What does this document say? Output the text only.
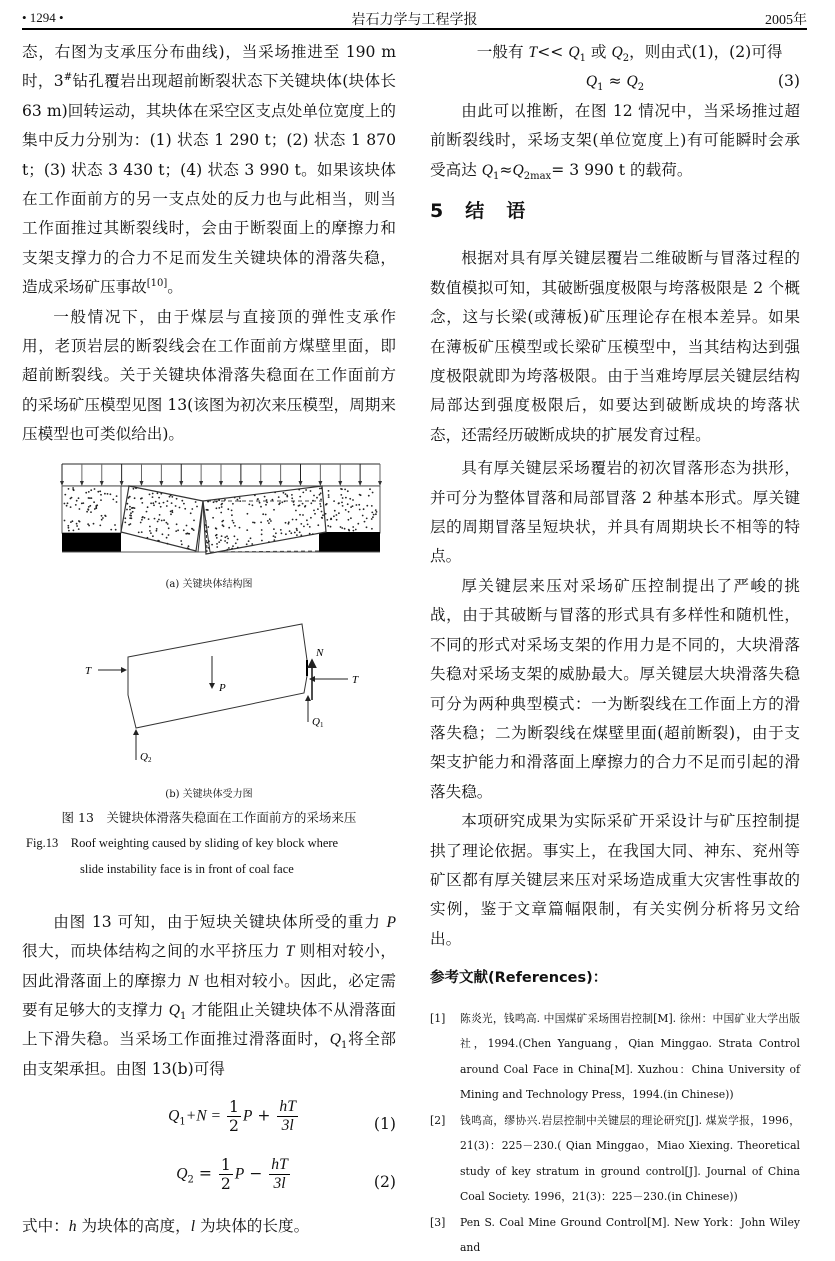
• 1294 •	岩石力学与工程学报	2005年

态，右图为支承压分布曲线)，当采场推进至 190 m 时，3#钻孔覆岩出现超前断裂状态下关键块体(块体长 63 m)回转运动，其块体在采空区支点处单位宽度上的集中反力分别为：(1) 状态 1 290 t；(2) 状态 1 870 t；(3) 状态 3 430 t；(4) 状态 3 990 t。如果该块体在工作面前方的另一支点处的反力也与此相当，则当工作面推过其断裂线时，会由于断裂面上的摩擦力和支架支撑力的合力不足而发生关键块体的滑落失稳，造成采场矿压事故[10]。

一般情况下，由于煤层与直接顶的弹性支承作用，老顶岩层的断裂线会在工作面前方煤壁里面，即超前断裂线。关于关键块体滑落失稳面在工作面前方的采场矿压模型见图 13(该图为初次来压模型，周期来压模型也可类似给出)。

(a) 关键块体结构图
T
T
N
P
Q1
Q2
(b) 关键块体受力图
图 13　关键块体滑落失稳面在工作面前方的采场来压
Fig.13　Roof weighting caused by sliding of key block where
slide instability face is in front of coal face

由图 13 可知，由于短块关键块体所受的重力 P 很大，而块体结构之间的水平挤压力 T 则相对较小，因此滑落面上的摩擦力 N 也相对较小。因此，必定需要有足够大的支撑力 $Q_1$ 才能阻止关键块体不从滑落面上下滑失稳。当采场工作面推过滑落面时，$Q_1$将全部由支架承担。由图 13(b)可得

$Q_1+N = \frac{1}{2}$ $P + \frac{hT}{3l}$	(1)
$Q_2 = \frac{1}{2}$ $P - \frac{hT}{3l}$	(2)

式中：h 为块体的高度，l 为块体的长度。

一般有 $T<< Q_1$ 或 $Q_2$，则由式(1)，(2)可得

$Q_1 \approx Q_2$	(3)

由此可以推断，在图 12 情况中，当采场推过超前断裂线时，采场支架(单位宽度上)有可能瞬时会承受高达 $Q_1\approx Q_{2max}= 3$ 990 t 的载荷。

5 结 语

根据对具有厚关键层覆岩二维破断与冒落过程的数值模拟可知，其破断强度极限与垮落极限是 2 个概念，这与长梁(或薄板)矿压理论存在根本差异。如果在薄板矿压模型或长梁矿压模型中，当其结构达到强度极限就即为垮落极限。由于当难垮厚层关键层结构局部达到强度极限后，如要达到破断成块的垮落状态，还需经历破断成块的扩展发育过程。

具有厚关键层采场覆岩的初次冒落形态为拱形，并可分为整体冒落和局部冒落 2 种基本形式。厚关键层的周期冒落呈短块状，并具有周期块长不相等的特点。

厚关键层来压对采场矿压控制提出了严峻的挑战，由于其破断与冒落的形式具有多样性和随机性，不同的形式对采场支架的作用力是不同的，大块滑落失稳对采场支架的威胁最大。厚关键层大块滑落失稳可分为两种典型模式：一为断裂线在工作面上方的滑落失稳；二为断裂线在煤壁里面(超前断裂)，由于支架支护能力和滑落面上摩擦力的合力不足而引起的滑落失稳。

本项研究成果为实际采矿开采设计与矿压控制提拱了理论依据。事实上，在我国大同、神东、兖州等矿区都有厚关键层来压对采场造成重大灾害性事故的实例，鉴于文章篇幅限制，有关实例分析将另文给出。

参考文献(References)：
[1] 陈炎光，钱鸣高. 中国煤矿采场围岩控制[M]. 徐州：中国矿业大学出版社，1994.(Chen Yanguang，Qian Minggao. Strata Control around Coal Face in China[M]. Xuzhou：China University of Mining and Technology Press，1994.(in Chinese))
[2] 钱鸣高，缪协兴.岩层控制中关键层的理论研究[J]. 煤炭学报，1996，21(3)：225－230.( Qian Minggao，Miao Xiexing. Theoretical study of key stratum in ground control[J]. Journal of China Coal Society. 1996，21(3)：225－230.(in Chinese))
[3] Pen S. Coal Mine Ground Control[M]. New York：John Wiley and
